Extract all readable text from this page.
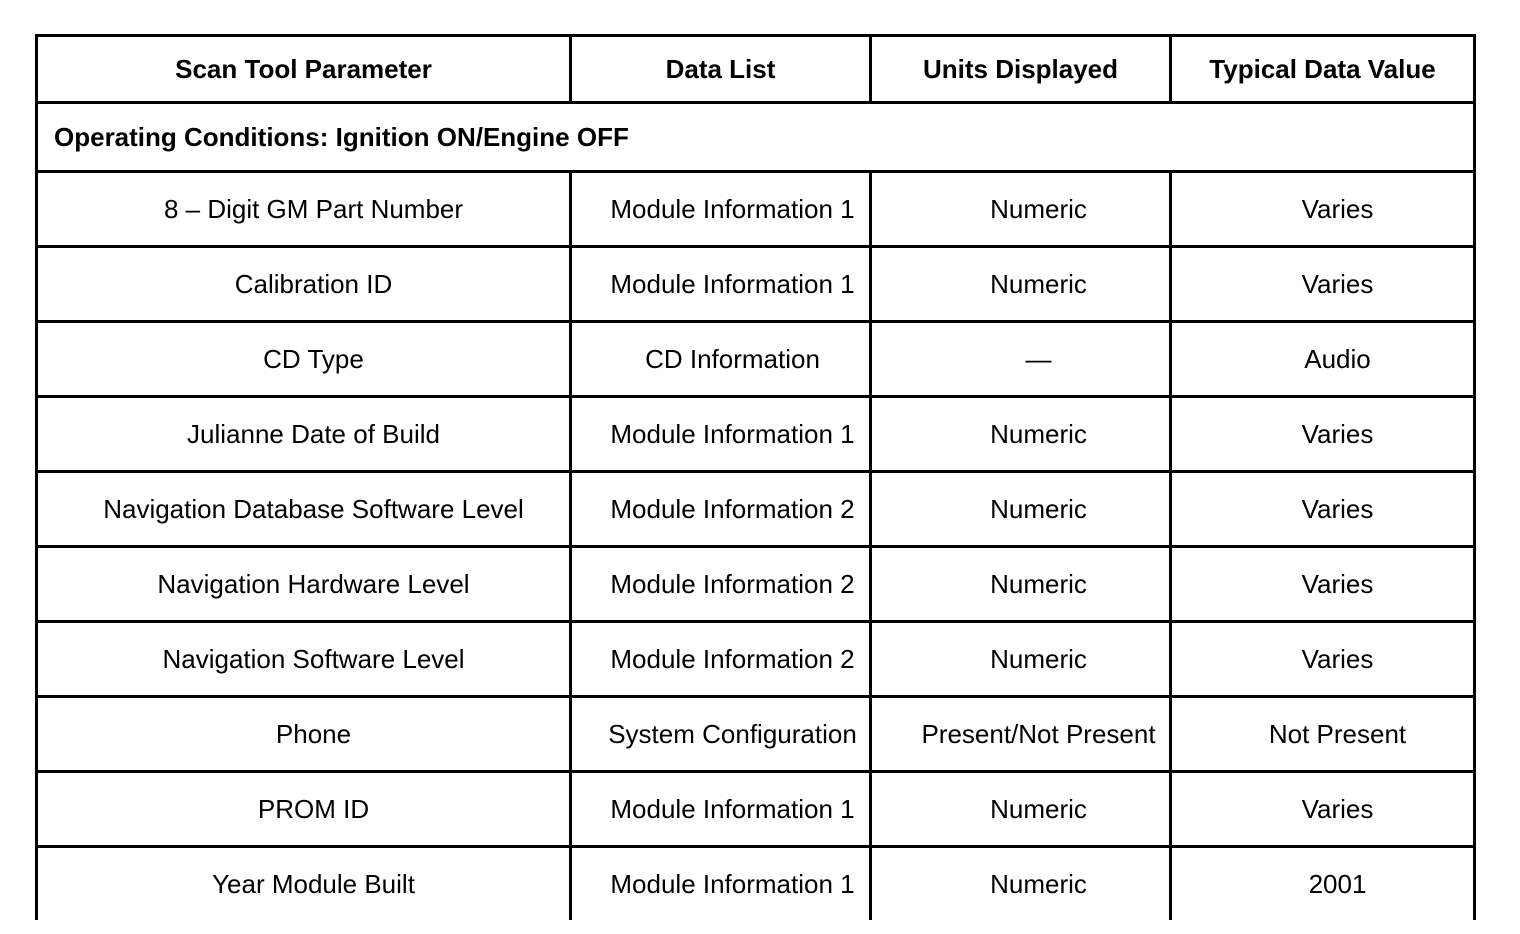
Scan Tool Parameter	Data List	Units Displayed	Typical Data Value
Operating Conditions: Ignition ON/Engine OFF			
8 – Digit GM Part Number	Module Information 1	Numeric	Varies
Calibration ID	Module Information 1	Numeric	Varies
CD Type	CD Information	—	Audio
Julianne Date of Build	Module Information 1	Numeric	Varies
Navigation Database Software Level	Module Information 2	Numeric	Varies
Navigation Hardware Level	Module Information 2	Numeric	Varies
Navigation Software Level	Module Information 2	Numeric	Varies
Phone	System Configuration	Present/Not Present	Not Present
PROM ID	Module Information 1	Numeric	Varies
Year Module Built	Module Information 1	Numeric	2001
